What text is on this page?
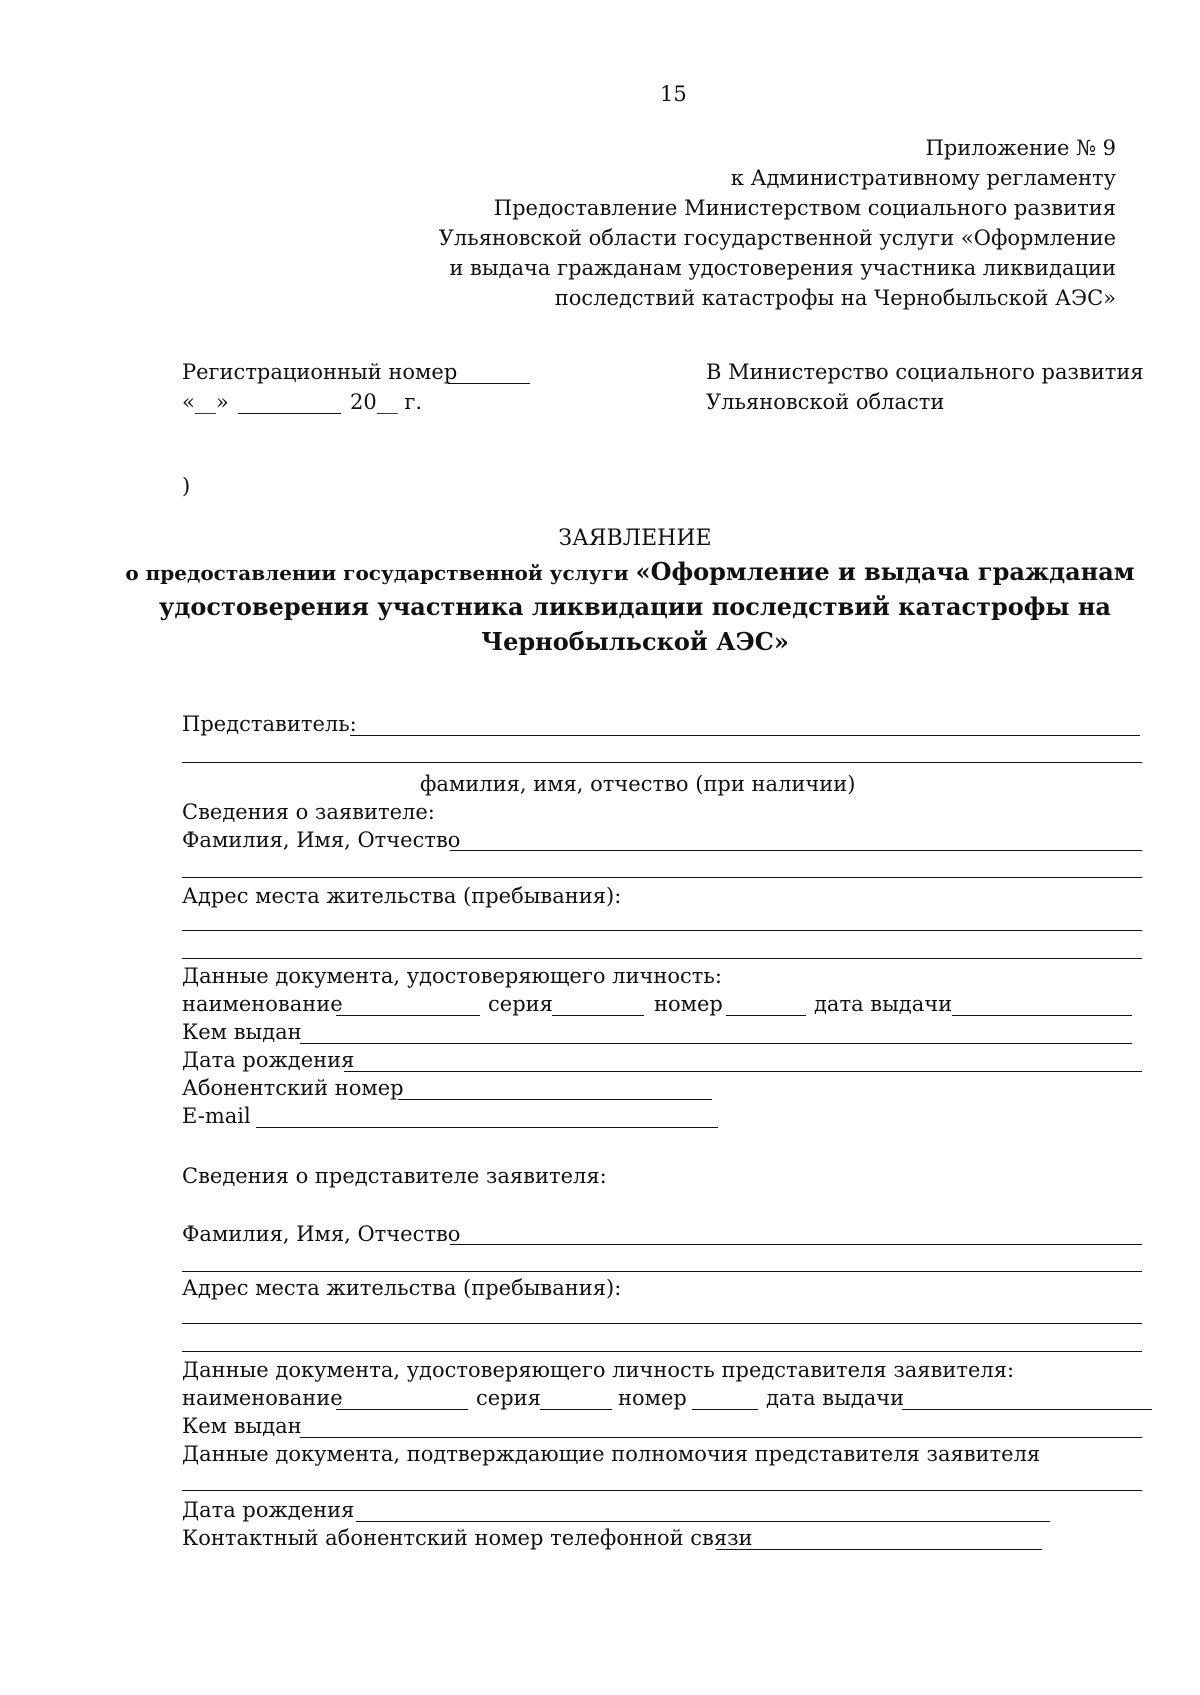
15
Приложение № 9
к Административному регламенту
Предоставление Министерством социального развития
Ульяновской области государственной услуги «Оформление
и выдача гражданам удостоверения участника ликвидации
последствий катастрофы на Чернобыльской АЭС»
Регистрационный номер
«__»	20__ г.
В Министерство социального развития
Ульяновской области
)
ЗАЯВЛЕНИЕ
о предоставлении государственной услуги «Оформление и выдача гражданам
удостоверения участника ликвидации последствий катастрофы на
Чернобыльской АЭС»
Представитель:
фамилия, имя, отчество (при наличии)
Сведения о заявителе:
Фамилия, Имя, Отчество
Адрес места жительства (пребывания):
Данные документа, удостоверяющего личность:
наименование	серия	номер	дата выдачи
Кем выдан
Дата рождения
Абонентский номер
E-mail
Сведения о представителе заявителя:
Фамилия, Имя, Отчество
Адрес места жительства (пребывания):
Данные документа, удостоверяющего личность представителя заявителя:
наименование	серия	номер	дата выдачи
Кем выдан
Данные документа, подтверждающие полномочия представителя заявителя
Дата рождения
Контактный абонентский номер телефонной связи
